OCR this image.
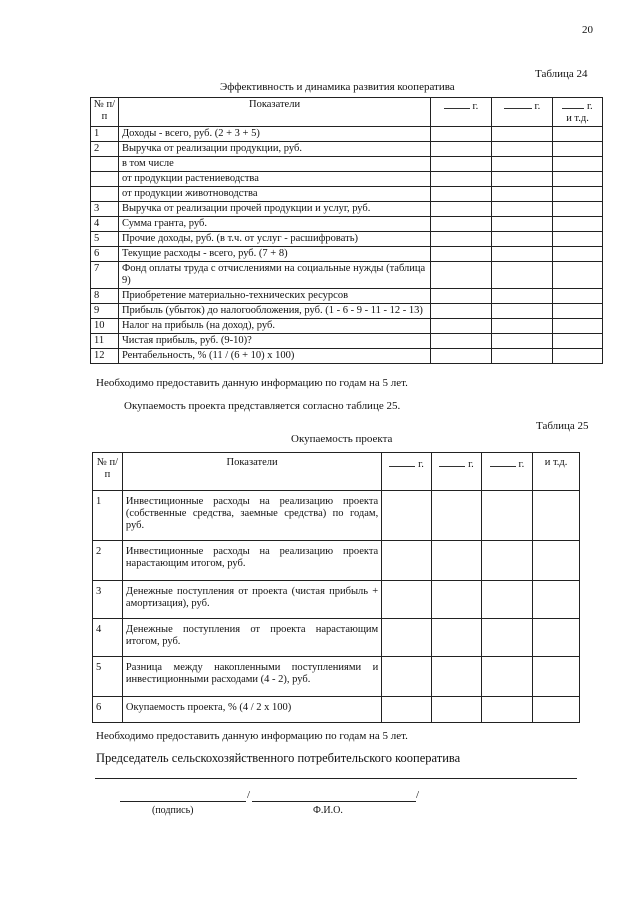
20
Таблица 24
Эффективность и динамика развития кооператива
№ п/п	Показатели	г.	г.	г.
и т.д.
1	Доходы - всего, руб. (2 + 3 + 5)			
2	Выручка от реализации продукции, руб.			
	в том числе			
	от продукции растениеводства			
	от продукции животноводства			
3	Выручка от реализации прочей продукции и услуг, руб.			
4	Сумма гранта, руб.			
5	Прочие доходы, руб. (в т.ч. от услуг - расшифровать)			
6	Текущие расходы - всего, руб. (7 + 8)			
7	Фонд оплаты труда с отчислениями на социальные нужды (таблица 9)			
8	Приобретение материально-технических ресурсов			
9	Прибыль (убыток) до налогообложения, руб. (1 - 6 - 9 - 11 - 12 - 13)			
10	Налог на прибыль (на доход), руб.			
11	Чистая прибыль, руб. (9-10)?			
12	Рентабельность, % (11 / (6 + 10) х 100)			
Необходимо предоставить данную информацию по годам на 5 лет.
Окупаемость проекта представляется согласно таблице 25.
Таблица 25
Окупаемость проекта
№ п/п	Показатели	г.	г.	г.	и т.д.
1	Инвестиционные расходы на реализацию проекта (собственные средства, заемные средства) по годам, руб.				
2	Инвестиционные расходы на реализацию проекта нарастающим итогом, руб.				
3	Денежные поступления от проекта (чистая прибыль + амортизация), руб.				
4	Денежные поступления от проекта нарастающим итогом, руб.				
5	Разница между накопленными поступлениями и инвестиционными расходами (4 - 2), руб.				
6	Окупаемость проекта, % (4 / 2 х 100)				
Необходимо предоставить данную информацию по годам на 5 лет.
Председатель сельскохозяйственного потребительского кооператива
/	/
(подпись)	Ф.И.О.
